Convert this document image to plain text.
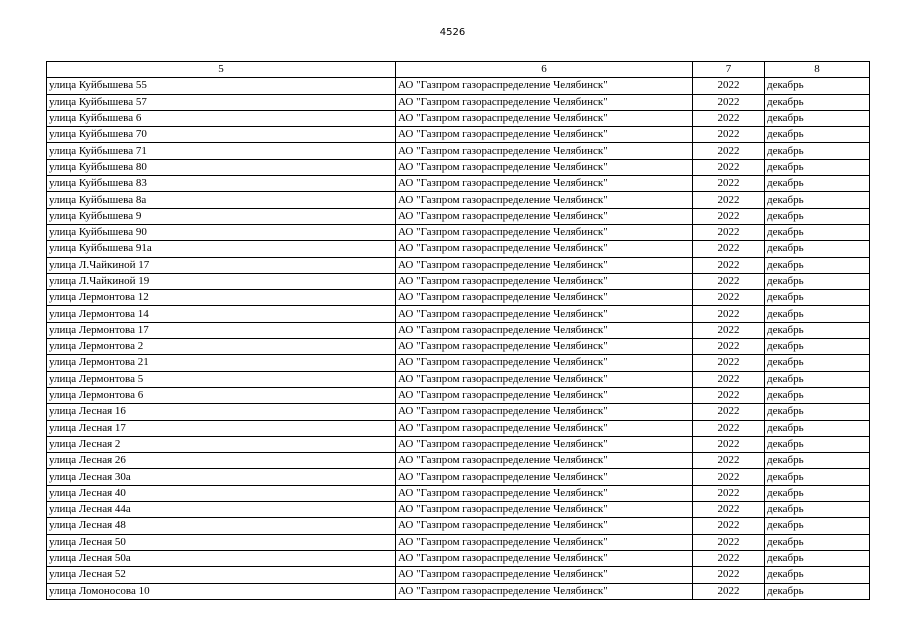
4526
5	6	7	8
улица Куйбышева 55	АО "Газпром газораспределение Челябинск"	2022	декабрь
улица Куйбышева 57	АО "Газпром газораспределение Челябинск"	2022	декабрь
улица Куйбышева 6	АО "Газпром газораспределение Челябинск"	2022	декабрь
улица Куйбышева 70	АО "Газпром газораспределение Челябинск"	2022	декабрь
улица Куйбышева 71	АО "Газпром газораспределение Челябинск"	2022	декабрь
улица Куйбышева 80	АО "Газпром газораспределение Челябинск"	2022	декабрь
улица Куйбышева 83	АО "Газпром газораспределение Челябинск"	2022	декабрь
улица Куйбышева 8а	АО "Газпром газораспределение Челябинск"	2022	декабрь
улица Куйбышева 9	АО "Газпром газораспределение Челябинск"	2022	декабрь
улица Куйбышева 90	АО "Газпром газораспределение Челябинск"	2022	декабрь
улица Куйбышева 91а	АО "Газпром газораспределение Челябинск"	2022	декабрь
улица Л.Чайкиной 17	АО "Газпром газораспределение Челябинск"	2022	декабрь
улица Л.Чайкиной 19	АО "Газпром газораспределение Челябинск"	2022	декабрь
улица Лермонтова 12	АО "Газпром газораспределение Челябинск"	2022	декабрь
улица Лермонтова 14	АО "Газпром газораспределение Челябинск"	2022	декабрь
улица Лермонтова 17	АО "Газпром газораспределение Челябинск"	2022	декабрь
улица Лермонтова 2	АО "Газпром газораспределение Челябинск"	2022	декабрь
улица Лермонтова 21	АО "Газпром газораспределение Челябинск"	2022	декабрь
улица Лермонтова 5	АО "Газпром газораспределение Челябинск"	2022	декабрь
улица Лермонтова 6	АО "Газпром газораспределение Челябинск"	2022	декабрь
улица Лесная 16	АО "Газпром газораспределение Челябинск"	2022	декабрь
улица Лесная 17	АО "Газпром газораспределение Челябинск"	2022	декабрь
улица Лесная 2	АО "Газпром газораспределение Челябинск"	2022	декабрь
улица Лесная 26	АО "Газпром газораспределение Челябинск"	2022	декабрь
улица Лесная 30а	АО "Газпром газораспределение Челябинск"	2022	декабрь
улица Лесная 40	АО "Газпром газораспределение Челябинск"	2022	декабрь
улица Лесная 44а	АО "Газпром газораспределение Челябинск"	2022	декабрь
улица Лесная 48	АО "Газпром газораспределение Челябинск"	2022	декабрь
улица Лесная 50	АО "Газпром газораспределение Челябинск"	2022	декабрь
улица Лесная 50а	АО "Газпром газораспределение Челябинск"	2022	декабрь
улица Лесная 52	АО "Газпром газораспределение Челябинск"	2022	декабрь
улица Ломоносова 10	АО "Газпром газораспределение Челябинск"	2022	декабрь
